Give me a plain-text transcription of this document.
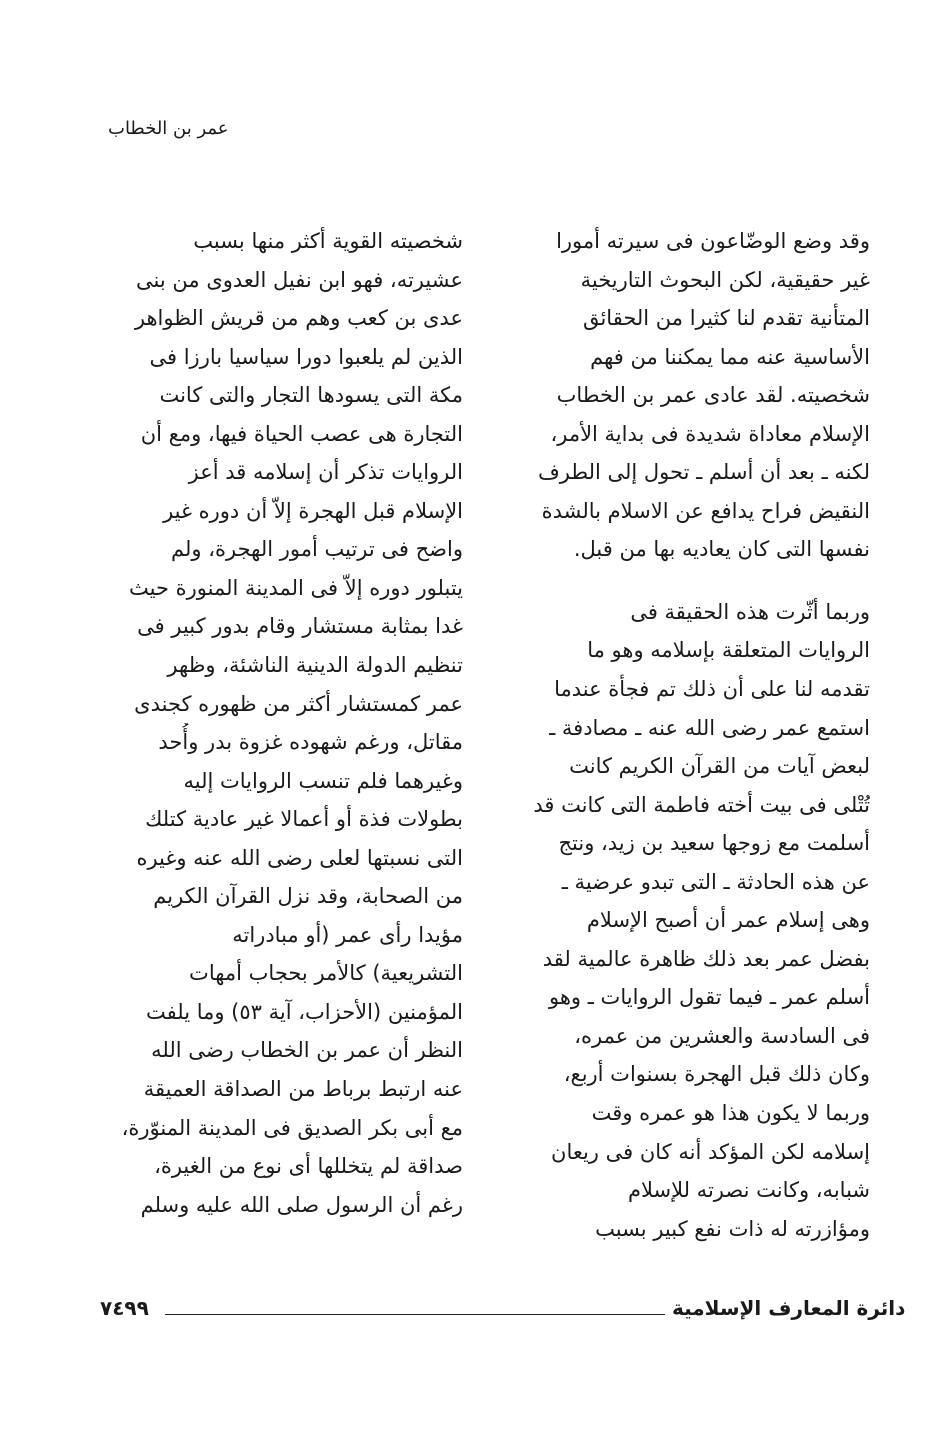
عمر بن الخطاب
وقد وضع الوضّاعون فى سيرته أمورا
غير حقيقية، لكن البحوث التاريخية
المتأنية تقدم لنا كثيرا من الحقائق
الأساسية عنه مما يمكننا من فهم
شخصيته. لقد عادى عمر بن الخطاب
الإسلام معاداة شديدة فى بداية الأمر،
لكنه ـ بعد أن أسلم ـ تحول إلى الطرف
النقيض فراح يدافع عن الاسلام بالشدة
نفسها التى كان يعاديه بها من قبل.
وربما أثّرت هذه الحقيقة فى
الروايات المتعلقة بإسلامه وهو ما
تقدمه لنا على أن ذلك تم فجأة عندما
استمع عمر رضى الله عنه ـ مصادفة ـ
لبعض آيات من القرآن الكريم كانت
تُتْلى فى بيت أخته فاطمة التى كانت قد
أسلمت مع زوجها سعيد بن زيد، ونتج
عن هذه الحادثة ـ التى تبدو عرضية ـ
وهى إسلام عمر أن أصبح الإسلام
بفضل عمر بعد ذلك ظاهرة عالمية لقد
أسلم عمر ـ فيما تقول الروايات ـ وهو
فى السادسة والعشرين من عمره،
وكان ذلك قبل الهجرة بسنوات أربع،
وربما لا يكون هذا هو عمره وقت
إسلامه لكن المؤكد أنه كان فى ريعان
شبابه، وكانت نصرته للإسلام
ومؤازرته له ذات نفع كبير بسبب
شخصيته القوية أكثر منها بسبب
عشيرته، فهو ابن نفيل العدوى من بنى
عدى بن كعب وهم من قريش الظواهر
الذين لم يلعبوا دورا سياسيا بارزا فى
مكة التى يسودها التجار والتى كانت
التجارة هى عصب الحياة فيها، ومع أن
الروايات تذكر أن إسلامه قد أعز
الإسلام قبل الهجرة إلاّ أن دوره غير
واضح فى ترتيب أمور الهجرة، ولم
يتبلور دوره إلاّ فى المدينة المنورة حيث
غدا بمثابة مستشار وقام بدور كبير فى
تنظيم الدولة الدينية الناشئة، وظهر
عمر كمستشار أكثر من ظهوره كجندى
مقاتل، ورغم شهوده غزوة بدر وأُحد
وغيرهما فلم تنسب الروايات إليه
بطولات فذة أو أعمالا غير عادية كتلك
التى نسبتها لعلى رضى الله عنه وغيره
من الصحابة، وقد نزل القرآن الكريم
مؤيدا رأى عمر (أو مبادراته
التشريعية) كالأمر بحجاب أمهات
المؤمنين (الأحزاب، آية ٥٣) وما يلفت
النظر أن عمر بن الخطاب رضى الله
عنه ارتبط برباط من الصداقة العميقة
مع أبى بكر الصديق فى المدينة المنوّرة،
صداقة لم يتخللها أى نوع من الغيرة،
رغم أن الرسول صلى الله عليه وسلم
دائرة المعارف الإسلامية
٧٤٩٩
